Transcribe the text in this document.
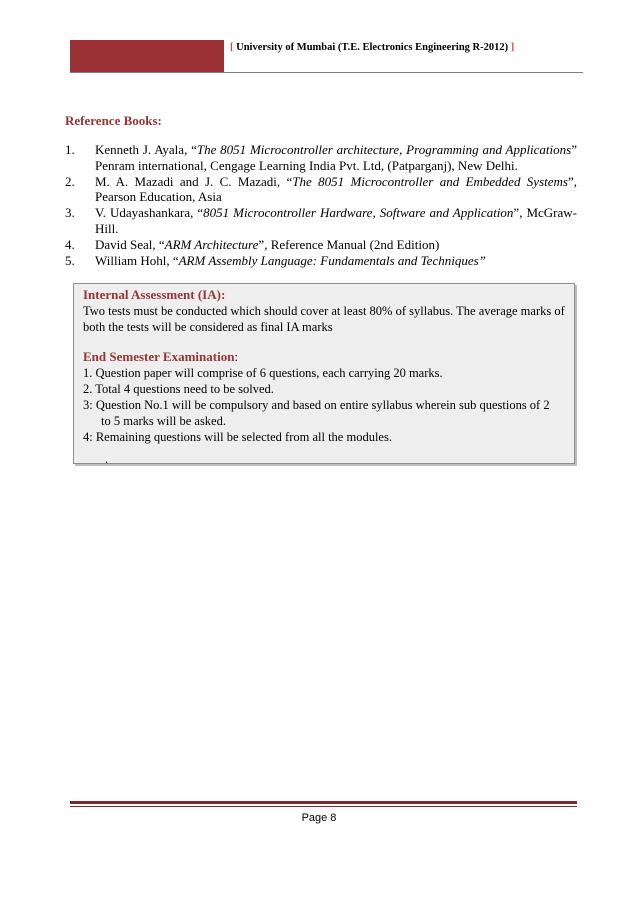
[ University of Mumbai (T.E. Electronics Engineering R-2012) ]
Reference Books:
1. Kenneth J. Ayala, “The 8051 Microcontroller architecture, Programming and Applications” Penram international, Cengage Learning India Pvt. Ltd, (Patparganj), New Delhi.
2. M. A. Mazadi and J. C. Mazadi, “The 8051 Microcontroller and Embedded Systems”, Pearson Education, Asia
3. V. Udayashankara, “8051 Microcontroller Hardware, Software and Application”, McGraw-Hill.
4. David Seal, “ARM Architecture”, Reference Manual (2nd Edition)
5. William Hohl, “ARM Assembly Language: Fundamentals and Techniques”
Internal Assessment (IA):

Two tests must be conducted which should cover at least 80% of syllabus. The average marks of both the tests will be considered as final IA marks

End Semester Examination:

1. Question paper will comprise of 6 questions, each carrying 20 marks.

2. Total 4 questions need to be solved.

3: Question No.1 will be compulsory and based on entire syllabus wherein sub questions of 2

to 5 marks will be asked.

4: Remaining questions will be selected from all the modules.

.

Page 8
